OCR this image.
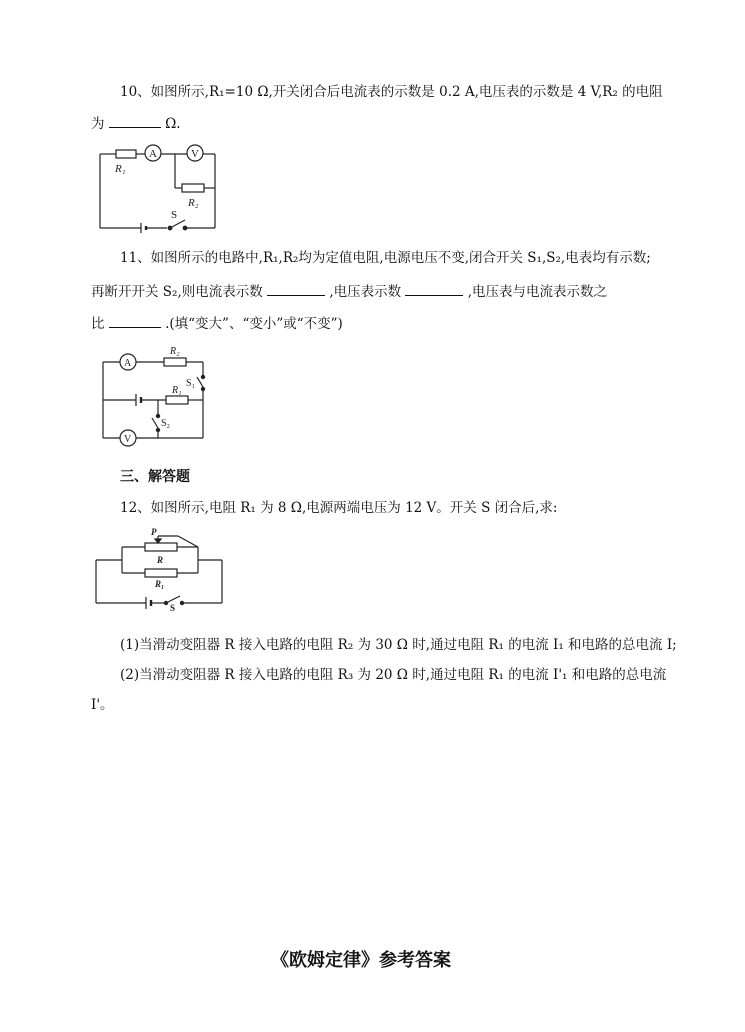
10、如图所示,R₁=10 Ω,开关闭合后电流表的示数是 0.2 A,电压表的示数是 4 V,R₂ 的电阻
为	Ω.
A	V
R₁
R₂
S
11、如图所示的电路中,R₁,R₂均为定值电阻,电源电压不变,闭合开关 S₁,S₂,电表均有示数;
再断开开关 S₂,则电流表示数	,电压表示数	,电压表与电流表示数之
比	.(填“变大”、“变小”或“不变”)
A
V
R₂
R₁
S₁
S₂
三、解答题
12、如图所示,电阻 R₁ 为 8 Ω,电源两端电压为 12 V。开关 S 闭合后,求:
P
R
R₁
S
(1)当滑动变阻器 R 接入电路的电阻 R₂ 为 30 Ω 时,通过电阻 R₁ 的电流 I₁ 和电路的总电流 I;
(2)当滑动变阻器 R 接入电路的电阻 R₃ 为 20 Ω 时,通过电阻 R₁ 的电流 I'₁ 和电路的总电流
I'。
《欧姆定律》参考答案
